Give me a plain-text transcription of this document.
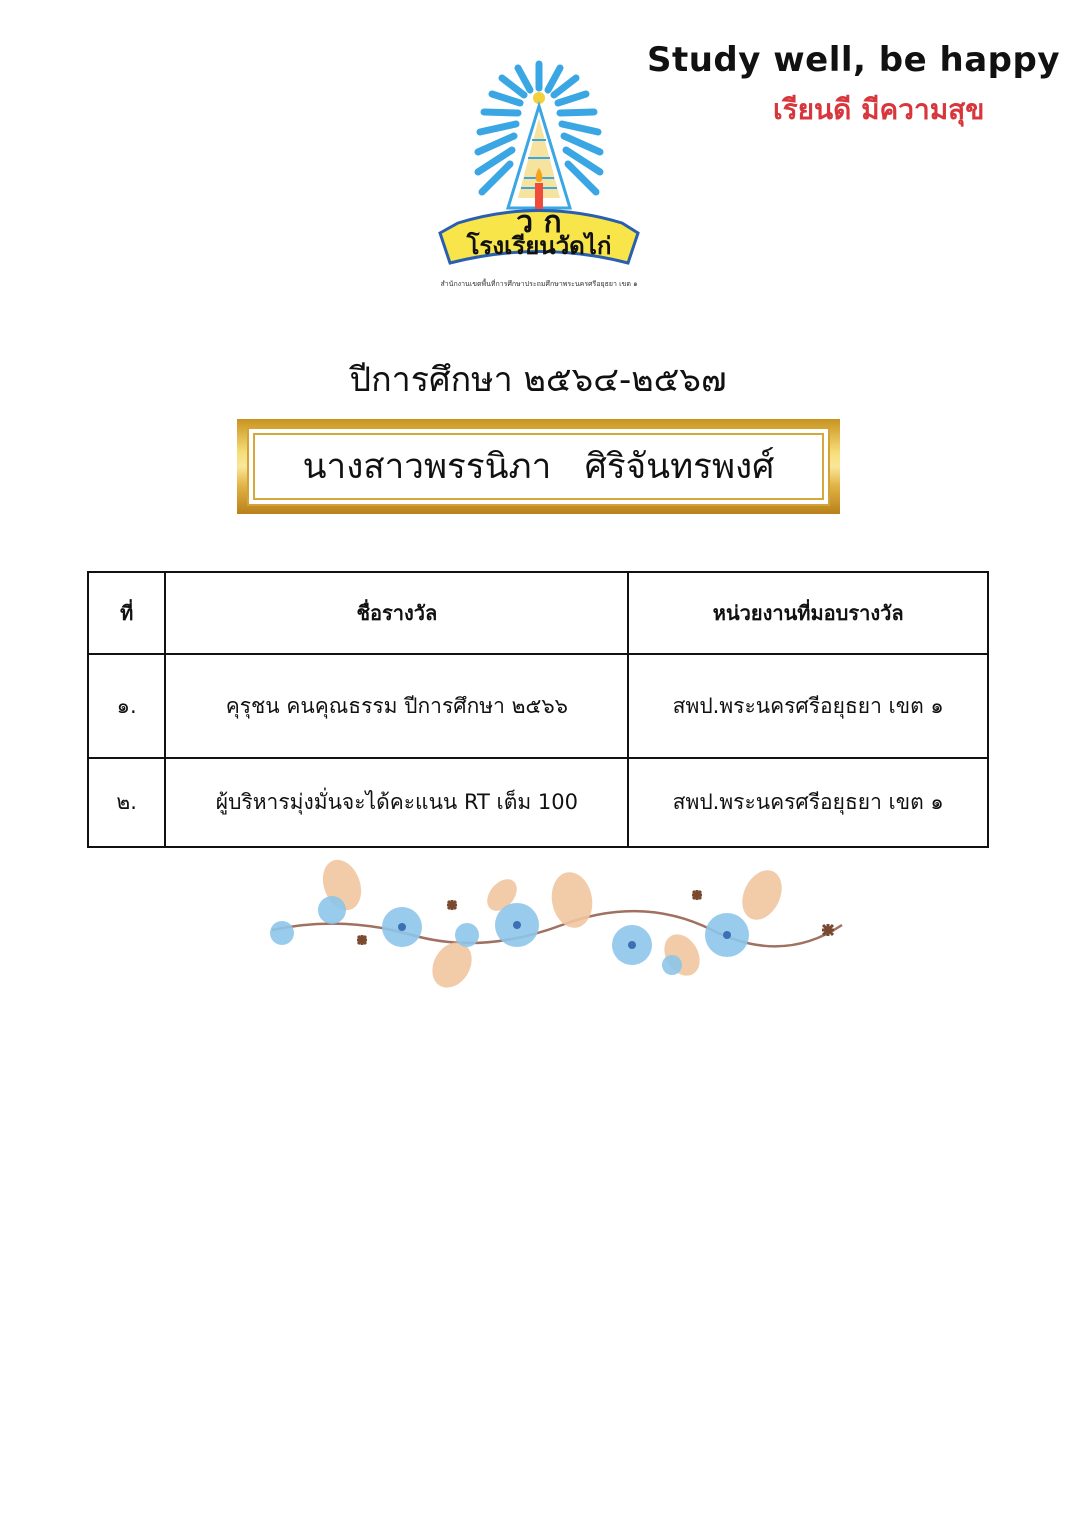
Study well, be happy
เรียนดี มีความสุข
โรงเรียนวัดไก่
ว ก
สำนักงานเขตพื้นที่การศึกษาประถมศึกษาพระนครศรีอยุธยา เขต ๑
ปีการศึกษา ๒๕๖๔-๒๕๖๗
นางสาวพรรนิภา   ศิริจันทรพงศ์
ที่	ชื่อรางวัล	หน่วยงานที่มอบรางวัล
๑.	คุรุชน คนคุณธรรม ปีการศึกษา ๒๕๖๖	สพป.พระนครศรีอยุธยา เขต ๑
๒.	ผู้บริหารมุ่งมั่นจะได้คะแนน RT เต็ม 100	สพป.พระนครศรีอยุธยา เขต ๑
